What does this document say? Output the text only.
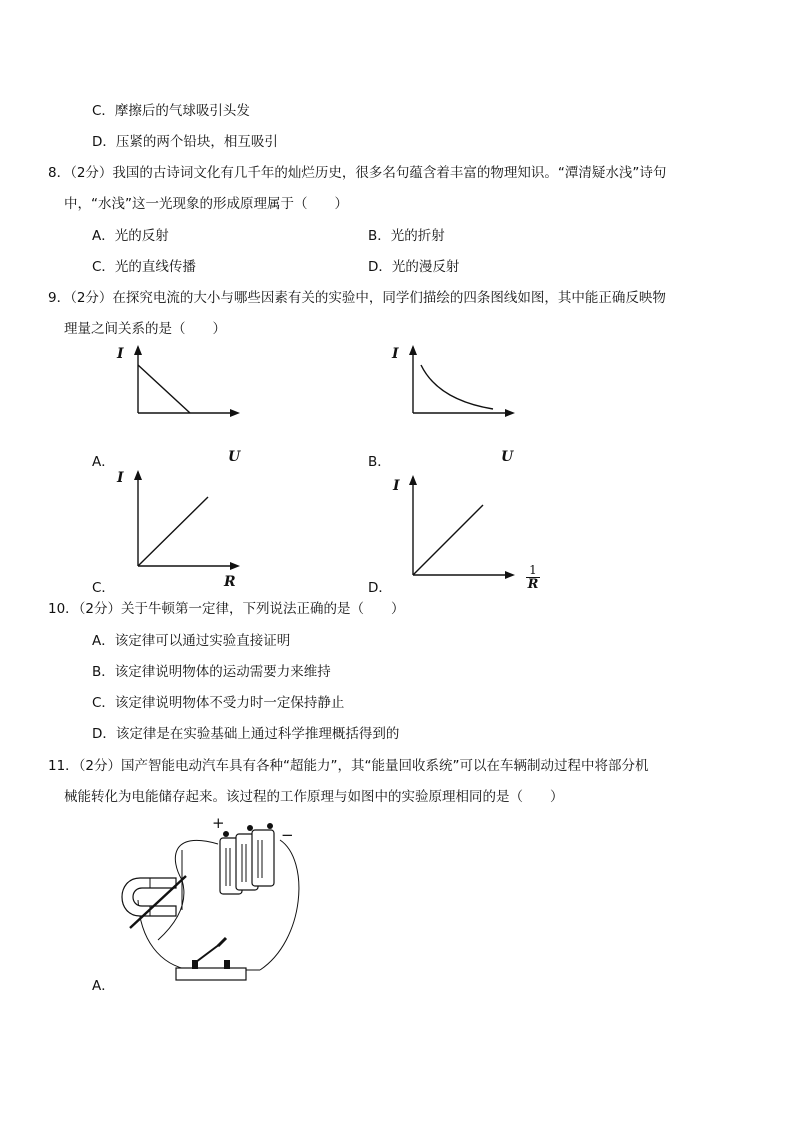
C．摩擦后的气球吸引头发
D．压紧的两个铅块，相互吸引
8．（2分）我国的古诗词文化有几千年的灿烂历史，很多名句蕴含着丰富的物理知识。“潭清疑水浅”诗句
中，“水浅”这一光现象的形成原理属于（　　）
A．光的反射	B．光的折射
C．光的直线传播	D．光的漫反射
9．（2分）在探究电流的大小与哪些因素有关的实验中，同学们描绘的四条图线如图，其中能正确反映物
理量之间关系的是（　　）
I
U
A．
I
U
B．
I
R
C．
I
$\frac{1}{R}$
D．
10．（2分）关于牛顿第一定律，下列说法正确的是（　　）
A．该定律可以通过实验直接证明
B．该定律说明物体的运动需要力来维持
C．该定律说明物体不受力时一定保持静止
D．该定律是在实验基础上通过科学推理概括得到的
11．（2分）国产智能电动汽车具有各种“超能力”，其“能量回收系统”可以在车辆制动过程中将部分机
械能转化为电能储存起来。该过程的工作原理与如图中的实验原理相同的是（　　）
+
−
A．
